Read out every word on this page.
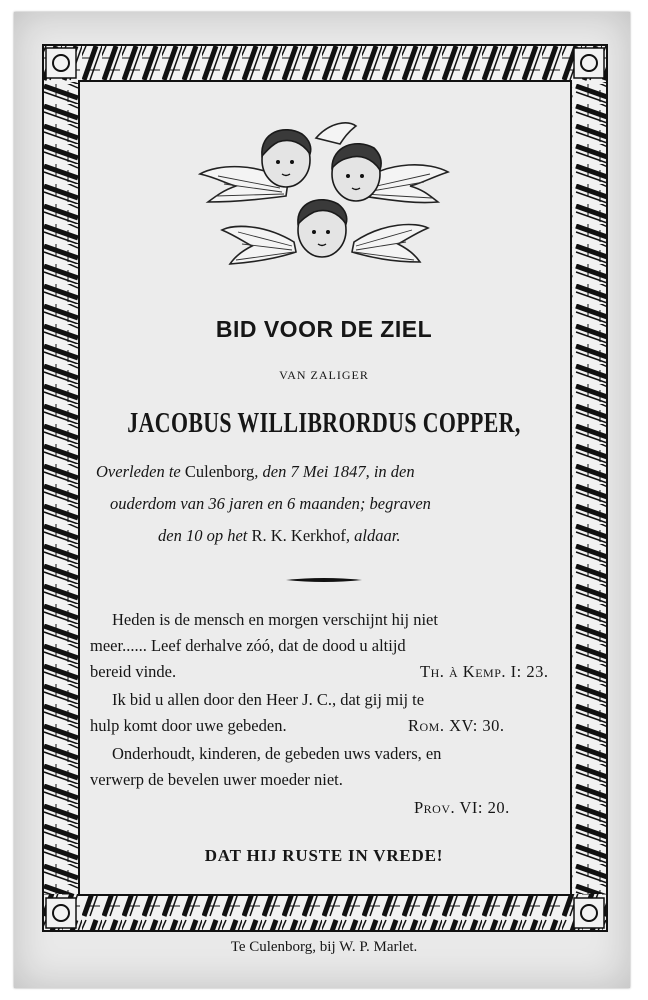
BID VOOR DE ZIEL
VAN ZALIGER
JACOBUS WILLIBRORDUS COPPER,
Overleden te Culenborg, den 7 Mei 1847, in den
ouderdom van 36 jaren en 6 maanden; begraven
den 10 op het R. K. Kerkhof, aldaar.
Heden is de mensch en morgen verschijnt hij niet
meer...... Leef derhalve zóó, dat de dood u altijd
bereid vinde.	Th. à Kemp. I: 23.
Ik bid u allen door den Heer J. C., dat gij mij te
hulp komt door uwe gebeden.	Rom. XV: 30.
Onderhoudt, kinderen, de gebeden uws vaders, en
verwerp de bevelen uwer moeder niet.
Prov. VI: 20.
DAT HIJ RUSTE IN VREDE!
Te Culenborg, bij W. P. Marlet.
